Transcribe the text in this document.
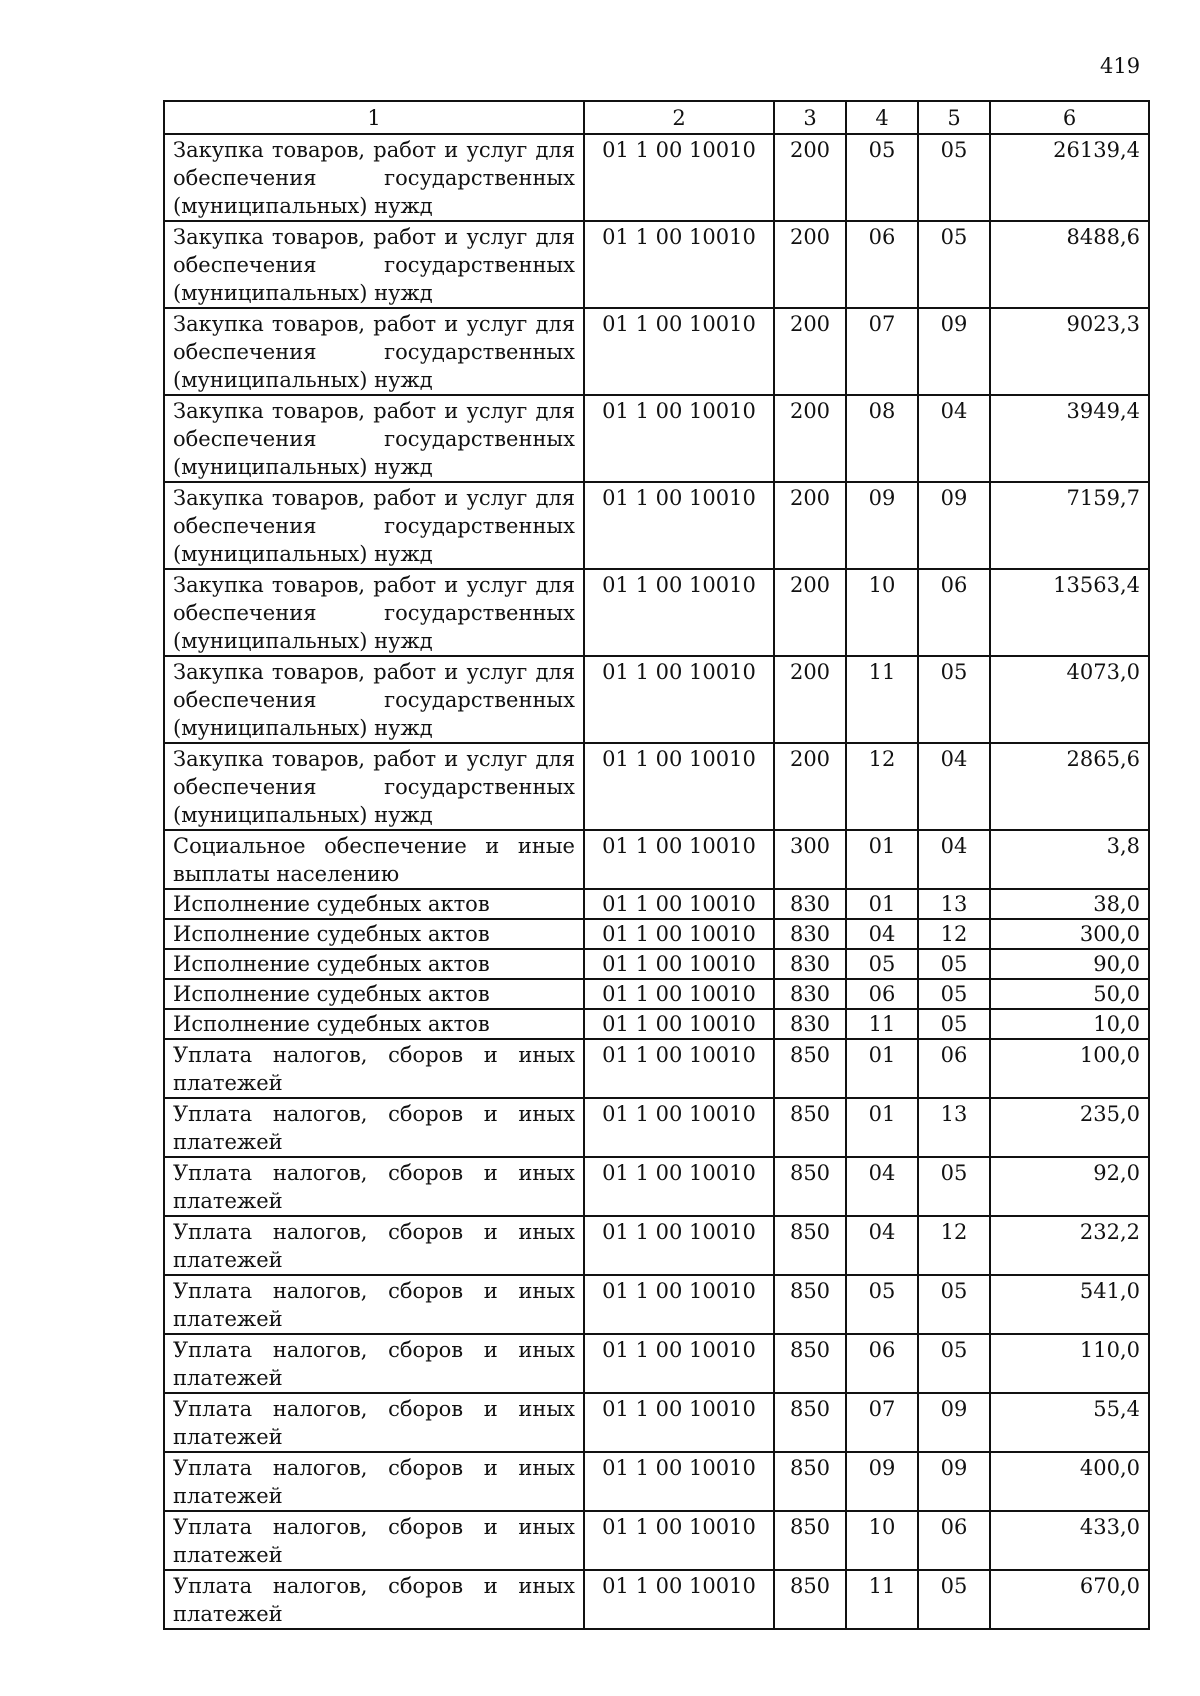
419
1	2	3	4	5	6
Закупка товаров, работ и услуг для обеспечения государственных (муниципальных) нужд	01 1 00 10010	200	05	05	26139,4
Закупка товаров, работ и услуг для обеспечения государственных (муниципальных) нужд	01 1 00 10010	200	06	05	8488,6
Закупка товаров, работ и услуг для обеспечения государственных (муниципальных) нужд	01 1 00 10010	200	07	09	9023,3
Закупка товаров, работ и услуг для обеспечения государственных (муниципальных) нужд	01 1 00 10010	200	08	04	3949,4
Закупка товаров, работ и услуг для обеспечения государственных (муниципальных) нужд	01 1 00 10010	200	09	09	7159,7
Закупка товаров, работ и услуг для обеспечения государственных (муниципальных) нужд	01 1 00 10010	200	10	06	13563,4
Закупка товаров, работ и услуг для обеспечения государственных (муниципальных) нужд	01 1 00 10010	200	11	05	4073,0
Закупка товаров, работ и услуг для обеспечения государственных (муниципальных) нужд	01 1 00 10010	200	12	04	2865,6
Социальное обеспечение и иные выплаты населению	01 1 00 10010	300	01	04	3,8
Исполнение судебных актов	01 1 00 10010	830	01	13	38,0
Исполнение судебных актов	01 1 00 10010	830	04	12	300,0
Исполнение судебных актов	01 1 00 10010	830	05	05	90,0
Исполнение судебных актов	01 1 00 10010	830	06	05	50,0
Исполнение судебных актов	01 1 00 10010	830	11	05	10,0
Уплата налогов, сборов и иных платежей	01 1 00 10010	850	01	06	100,0
Уплата налогов, сборов и иных платежей	01 1 00 10010	850	01	13	235,0
Уплата налогов, сборов и иных платежей	01 1 00 10010	850	04	05	92,0
Уплата налогов, сборов и иных платежей	01 1 00 10010	850	04	12	232,2
Уплата налогов, сборов и иных платежей	01 1 00 10010	850	05	05	541,0
Уплата налогов, сборов и иных платежей	01 1 00 10010	850	06	05	110,0
Уплата налогов, сборов и иных платежей	01 1 00 10010	850	07	09	55,4
Уплата налогов, сборов и иных платежей	01 1 00 10010	850	09	09	400,0
Уплата налогов, сборов и иных платежей	01 1 00 10010	850	10	06	433,0
Уплата налогов, сборов и иных платежей	01 1 00 10010	850	11	05	670,0
